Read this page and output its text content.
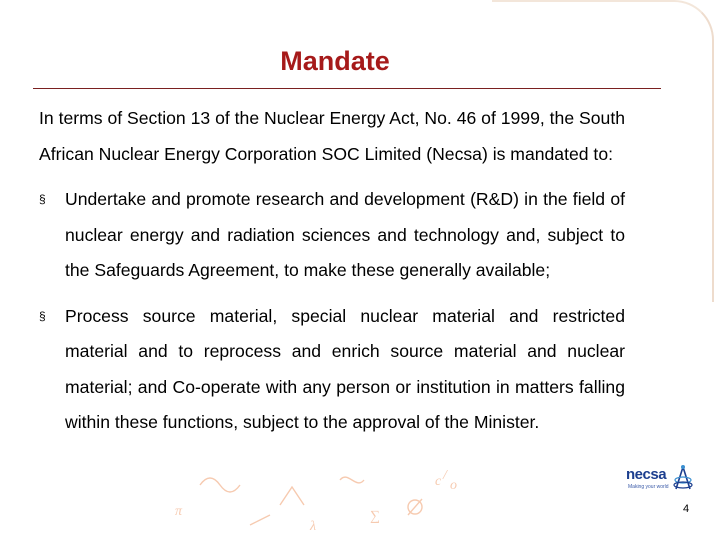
Mandate

In terms of Section 13 of the Nuclear Energy Act, No. 46 of 1999, the South African Nuclear Energy Corporation SOC Limited (Necsa) is mandated to:

§ Undertake and promote research and development (R&D) in the field of nuclear energy and radiation sciences and technology and, subject to the Safeguards Agreement, to make these generally available;
§ Process source material, special nuclear material and restricted material and to reprocess and enrich source material and nuclear material; and Co-operate with any person or institution in matters falling within these functions, subject to the approval of the Minister.
c /
o
π
λ
∑
necsa
Making your world
4
